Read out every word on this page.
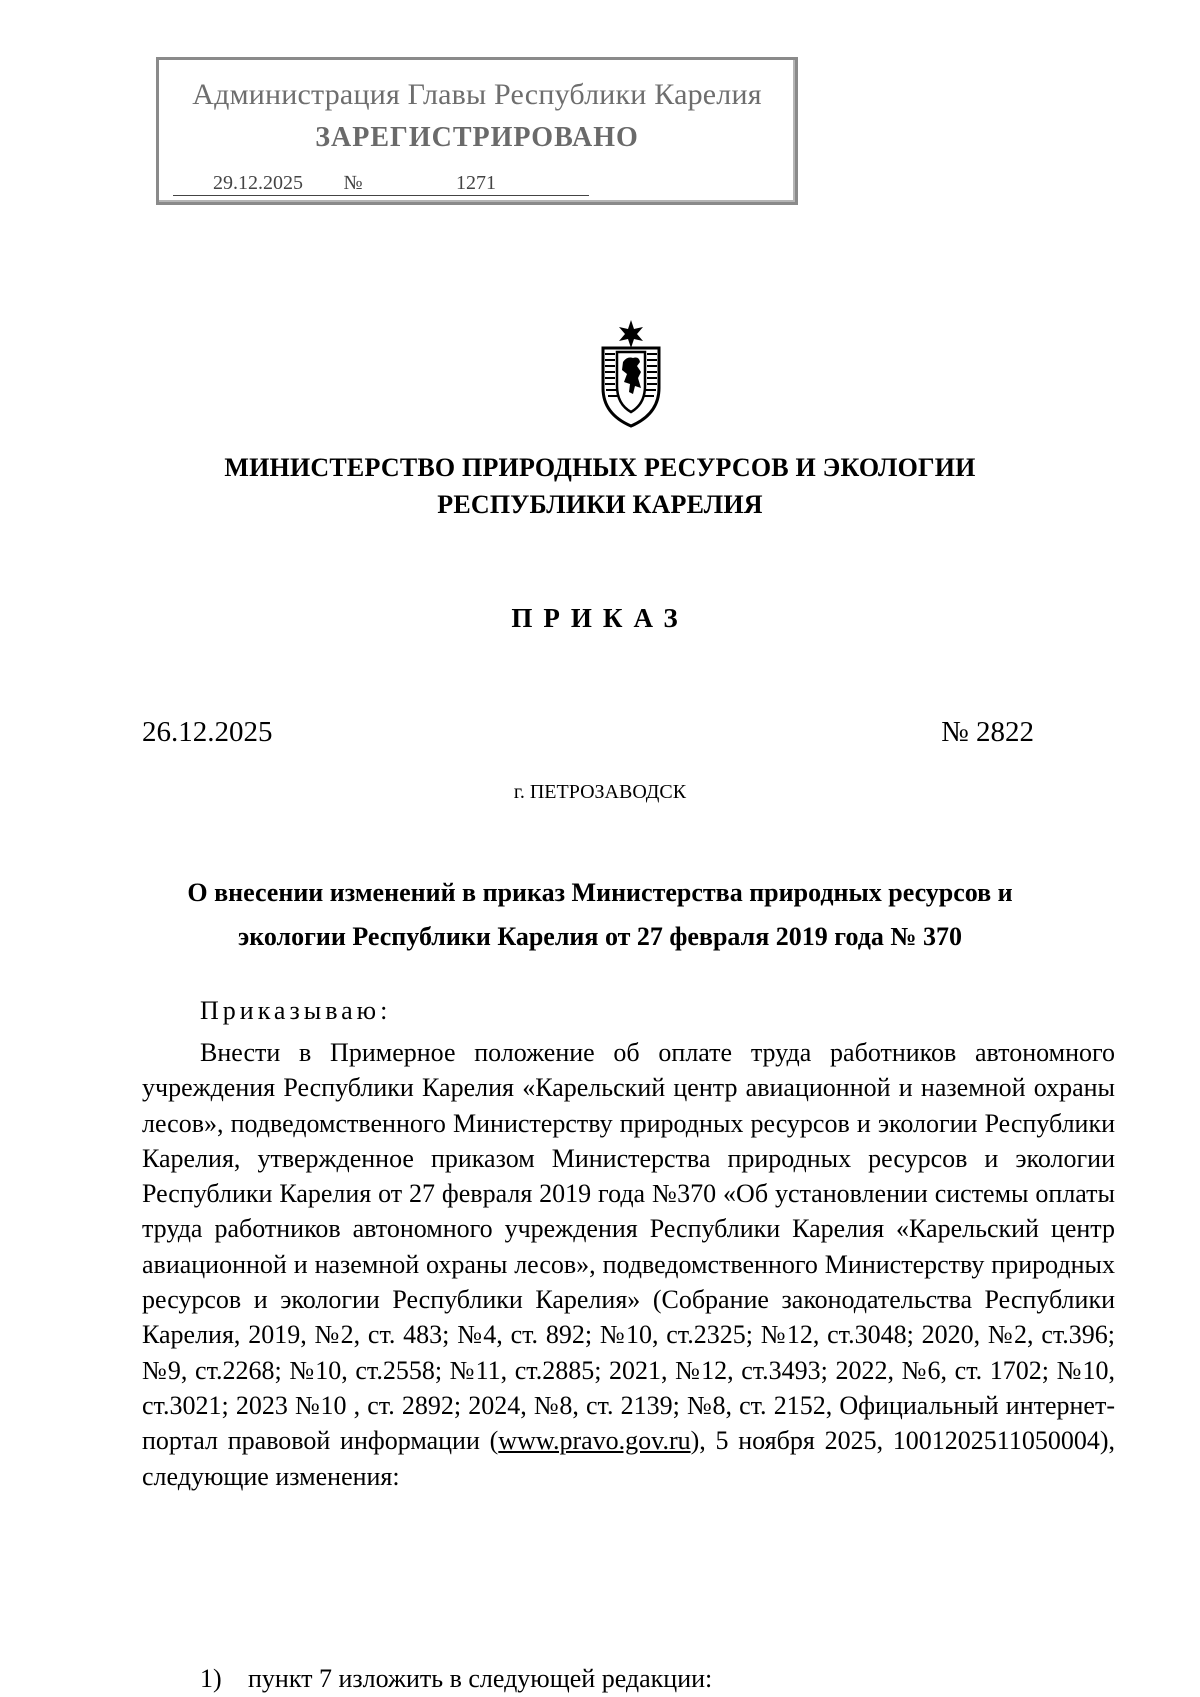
Администрация Главы Республики Карелия
ЗАРЕГИСТРИРОВАНО
29.12.2025 №	1271
МИНИСТЕРСТВО ПРИРОДНЫХ РЕСУРСОВ И ЭКОЛОГИИ
РЕСПУБЛИКИ КАРЕЛИЯ
ПРИКАЗ
26.12.2025	№ 2822
г. ПЕТРОЗАВОДСК
О внесении изменений в приказ Министерства природных ресурсов и
экологии Республики Карелия от 27 февраля 2019 года № 370
Приказываю:

Внести в Примерное положение об оплате труда работников автономного учреждения Республики Карелия «Карельский центр авиационной и наземной охраны лесов», подведомственного Министерству природных ресурсов и экологии Республики Карелия, утвержденное приказом Министерства природных ресурсов и экологии Республики Карелия от 27 февраля 2019 года №370 «Об установлении системы оплаты труда работников автономного учреждения Республики Карелия «Карельский центр авиационной и наземной охраны лесов», подведомственного Министерству природных ресурсов и экологии Республики Карелия» (Собрание законодательства Республики Карелия, 2019, №2, ст. 483; №4, ст. 892; №10, ст.2325; №12, ст.3048; 2020, №2, ст.396; №9, ст.2268; №10, ст.2558; №11, ст.2885; 2021, №12, ст.3493; 2022, №6, ст. 1702; №10, ст.3021; 2023 №10 , ст. 2892; 2024, №8, ст. 2139; №8, ст. 2152, Официальный интернет-портал правовой информации (www.pravo.gov.ru), 5 ноября 2025, 1001202511050004), следующие изменения:

1) пункт 7 изложить в следующей редакции:
